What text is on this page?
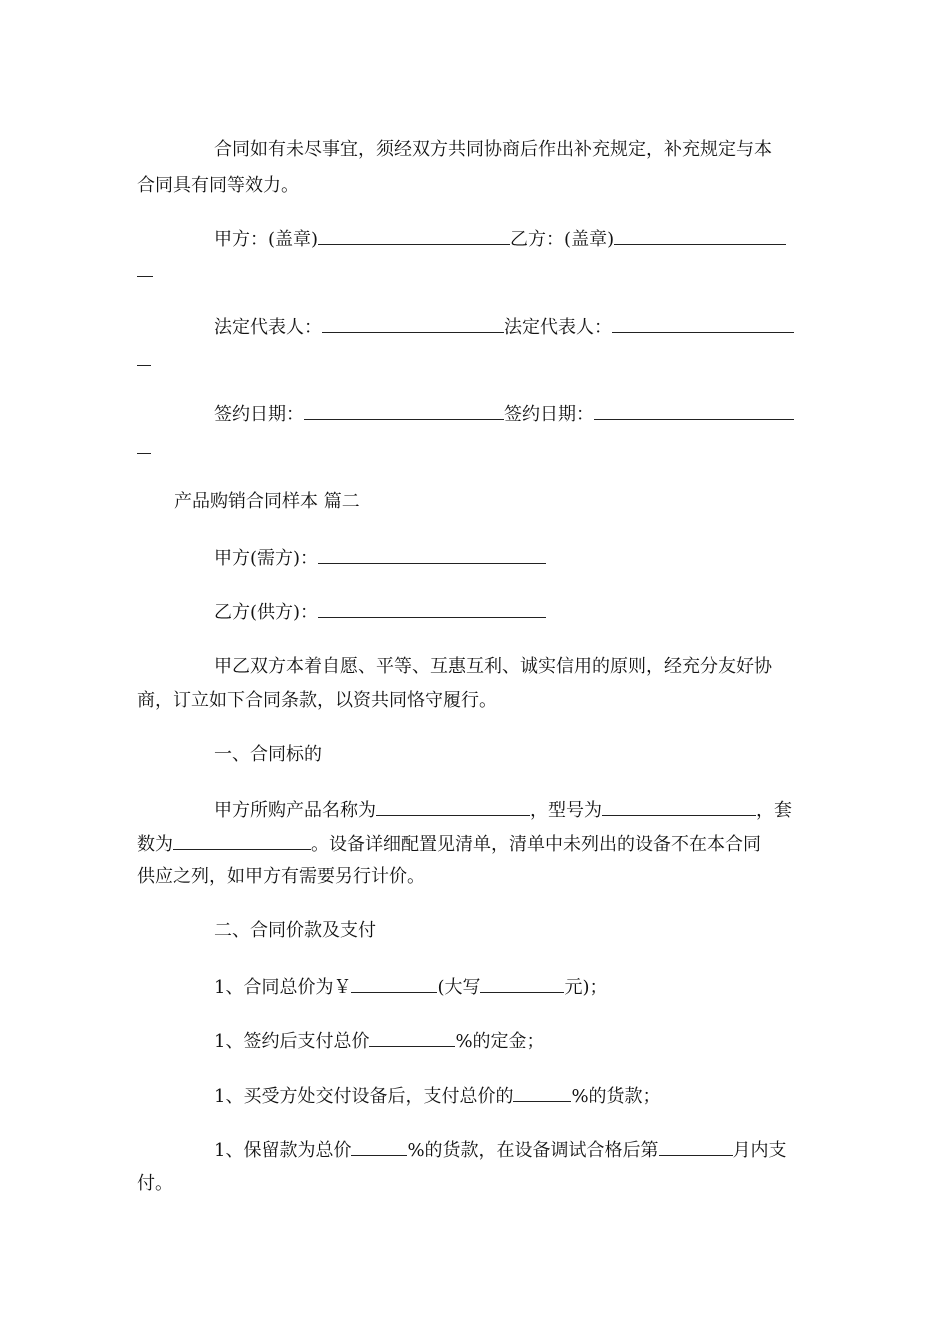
合同如有未尽事宜，须经双方共同协商后作出补充规定，补充规定与本
合同具有同等效力。
甲方：(盖章)	乙方：(盖章)
法定代表人：	法定代表人：
签约日期：	签约日期：
产品购销合同样本 篇二
甲方(需方)：
乙方(供方)：
甲乙双方本着自愿、平等、互惠互利、诚实信用的原则，经充分友好协
商，订立如下合同条款，以资共同恪守履行。
一、合同标的
甲方所购产品名称为	，型号为	，套
数为	。设备详细配置见清单，清单中未列出的设备不在本合同
供应之列，如甲方有需要另行计价。
二、合同价款及支付
1、合同总价为￥	(大写	元)；
1、签约后支付总价	%的定金；
1、买受方处交付设备后，支付总价的	%的货款；
1、保留款为总价	%的货款，在设备调试合格后第	月内支
付。
